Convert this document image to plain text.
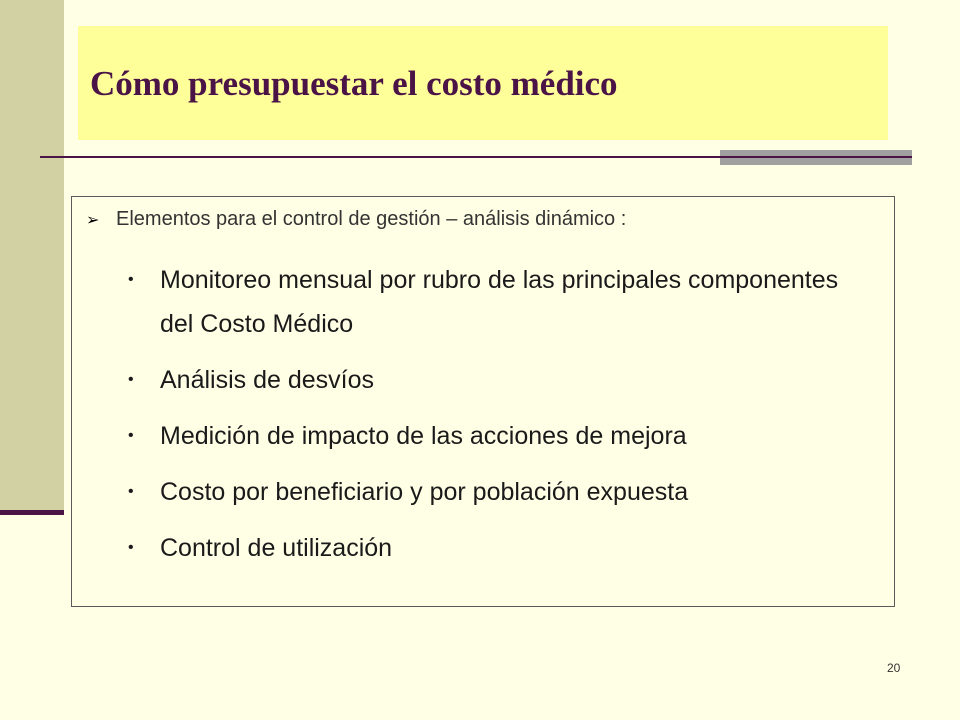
Cómo presupuestar el costo médico
➢ Elementos para el control de gestión – análisis dinámico :
• Monitoreo mensual por rubro de las principales componentes del Costo Médico
• Análisis de desvíos
• Medición de impacto de las acciones de mejora
• Costo por beneficiario y por población expuesta
• Control de utilización
20
